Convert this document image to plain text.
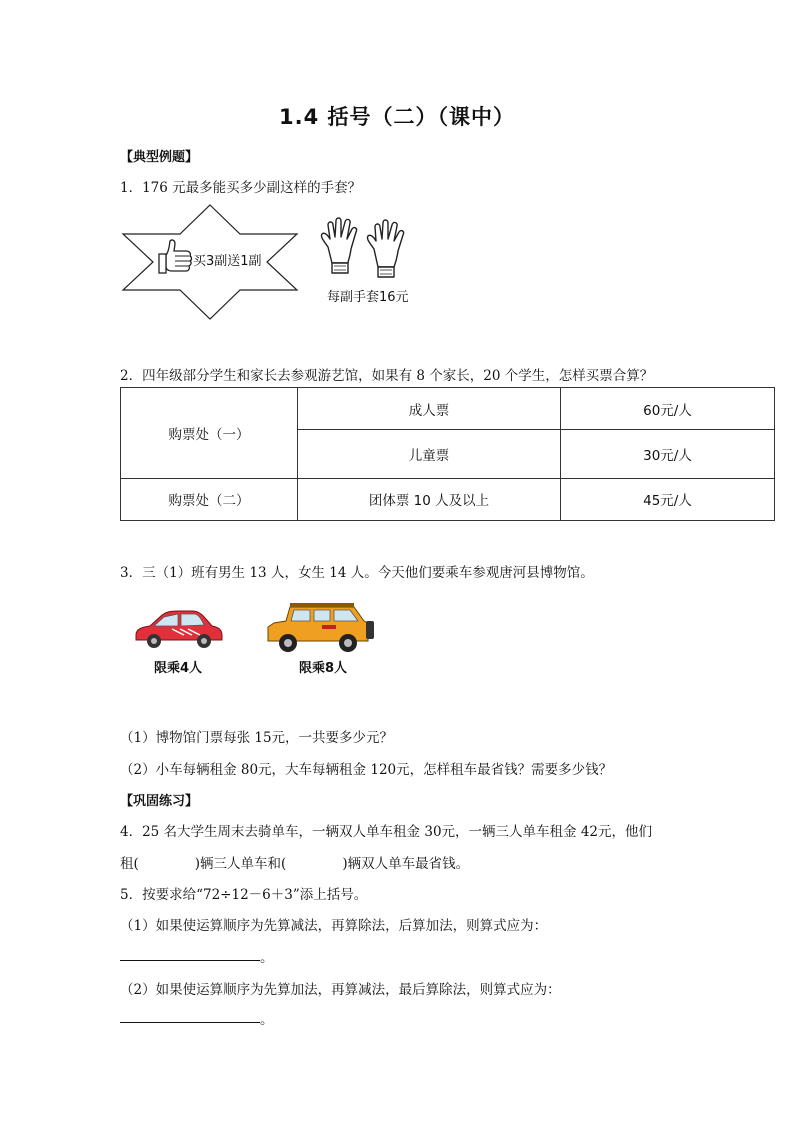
1.4 括号（二）（课中）
【典型例题】
1．176 元最多能买多少副这样的手套？
买3副送1副
每副手套16元
2．四年级部分学生和家长去参观游艺馆，如果有 8 个家长，20 个学生，怎样买票合算？
购票处（一）	成人票	60元/人
	儿童票	30元/人
购票处（二）	团体票 10 人及以上	45元/人
3．三（1）班有男生 13 人，女生 14 人。今天他们要乘车参观唐河县博物馆。
限乘4人	限乘8人
（1）博物馆门票每张 15元，一共要多少元？
（2）小车每辆租金 80元，大车每辆租金 120元，怎样租车最省钱？需要多少钱？
【巩固练习】
4．25 名大学生周末去骑单车，一辆双人单车租金 30元，一辆三人单车租金 42元，他们
租(	)辆三人单车和(	)辆双人单车最省钱。
5．按要求给“72÷12－6＋3”添上括号。
（1）如果使运算顺序为先算减法，再算除法，后算加法，则算式应为：
。
（2）如果使运算顺序为先算加法，再算减法，最后算除法，则算式应为：
。
